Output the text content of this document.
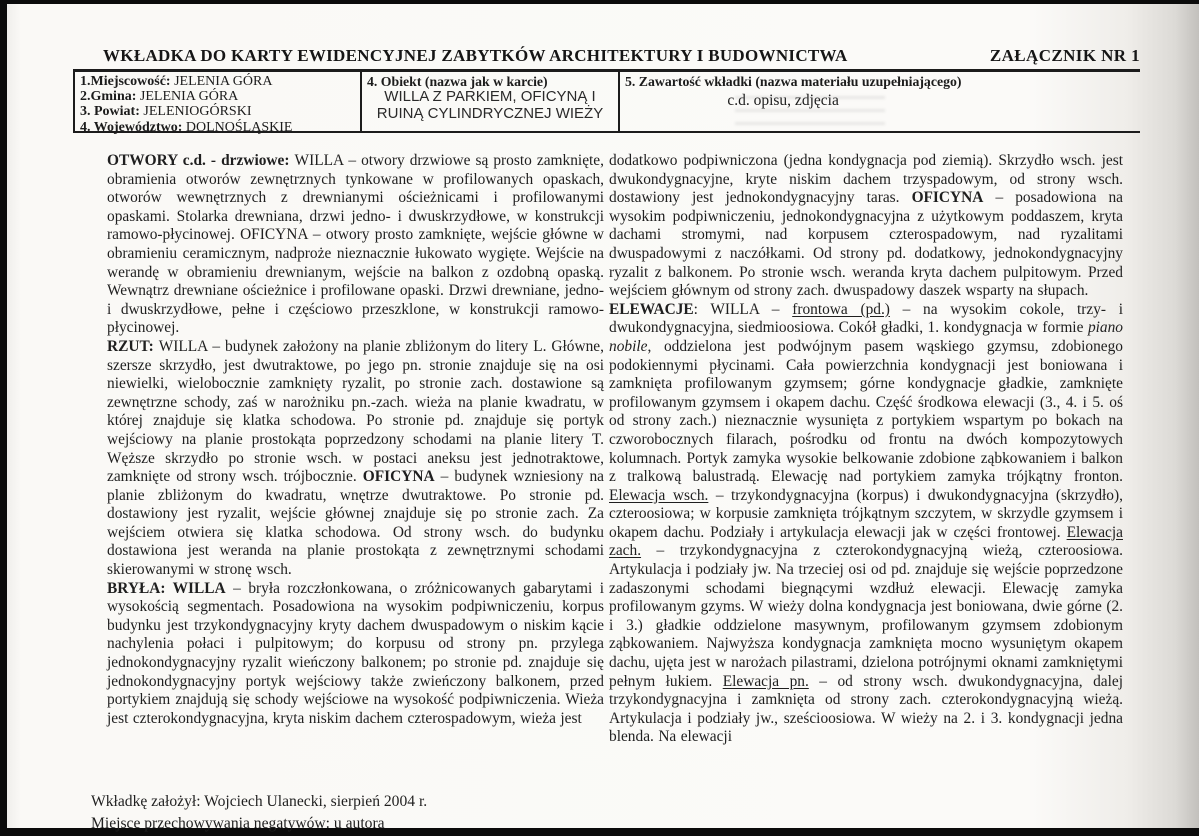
WKŁADKA DO KARTY EWIDENCYJNEJ ZABYTKÓW ARCHITEKTURY I BUDOWNICTWA	ZAŁĄCZNIK NR 1
1.Miejscowość: JELENIA GÓRA
2.Gmina: JELENIA GÓRA
3. Powiat: JELENIOGÓRSKI
4. Województwo: DOLNOŚLĄSKIE
4. Obiekt (nazwa jak w karcie)
WILLA Z PARKIEM, OFICYNĄ I
RUINĄ CYLINDRYCZNEJ WIEŻY
5. Zawartość wkładki (nazwa materiału uzupełniającego)
c.d. opisu, zdjęcia

OTWORY c.d. - drzwiowe: WILLA – otwory drzwiowe są prosto zamknięte, obramienia otworów zewnętrznych tynkowane w profilowanych opaskach, otworów wewnętrznych z drewnianymi ościeżnicami i profilowanymi opaskami. Stolarka drewniana, drzwi jedno- i dwuskrzydłowe, w konstrukcji ramowo-płycinowej. OFICYNA – otwory prosto zamknięte, wejście główne w obramieniu ceramicznym, nadproże nieznacznie łukowato wygięte. Wejście na werandę w obramieniu drewnianym, wejście na balkon z ozdobną opaską. Wewnątrz drewniane ościeżnice i profilowane opaski. Drzwi drewniane, jedno- i dwuskrzydłowe, pełne i częściowo przeszklone, w konstrukcji ramowo-płycinowej.

RZUT: WILLA – budynek założony na planie zbliżonym do litery L. Główne, szersze skrzydło, jest dwutraktowe, po jego pn. stronie znajduje się na osi niewielki, wielobocznie zamknięty ryzalit, po stronie zach. dostawione są zewnętrzne schody, zaś w narożniku pn.-zach. wieża na planie kwadratu, w której znajduje się klatka schodowa. Po stronie pd. znajduje się portyk wejściowy na planie prostokąta poprzedzony schodami na planie litery T. Węższe skrzydło po stronie wsch. w postaci aneksu jest jednotraktowe, zamknięte od strony wsch. trójbocznie. OFICYNA – budynek wzniesiony na planie zbliżonym do kwadratu, wnętrze dwutraktowe. Po stronie pd. dostawiony jest ryzalit, wejście głównej znajduje się po stronie zach. Za wejściem otwiera się klatka schodowa. Od strony wsch. do budynku dostawiona jest weranda na planie prostokąta z zewnętrznymi schodami skierowanymi w stronę wsch.

BRYŁA: WILLA – bryła rozczłonkowana, o zróżnicowanych gabarytami i wysokością segmentach. Posadowiona na wysokim podpiwniczeniu, korpus budynku jest trzykondygnacyjny kryty dachem dwuspadowym o niskim kącie nachylenia połaci i pulpitowym; do korpusu od strony pn. przylega jednokondygnacyjny ryzalit wieńczony balkonem; po stronie pd. znajduje się jednokondygnacyjny portyk wejściowy także zwieńczony balkonem, przed portykiem znajdują się schody wejściowe na wysokość podpiwniczenia. Wieża jest czterokondygnacyjna, kryta niskim dachem czterospadowym, wieża jest

dodatkowo podpiwniczona (jedna kondygnacja pod ziemią). Skrzydło wsch. jest dwukondygnacyjne, kryte niskim dachem trzyspadowym, od strony wsch. dostawiony jest jednokondygnacyjny taras. OFICYNA – posadowiona na wysokim podpiwniczeniu, jednokondygnacyjna z użytkowym poddaszem, kryta dachami stromymi, nad korpusem czterospadowym, nad ryzalitami dwuspadowymi z naczółkami. Od strony pd. dodatkowy, jednokondygnacyjny ryzalit z balkonem. Po stronie wsch. weranda kryta dachem pulpitowym. Przed wejściem głównym od strony zach. dwuspadowy daszek wsparty na słupach.

ELEWACJE: WILLA – frontowa (pd.) – na wysokim cokole, trzy- i dwukondygnacyjna, siedmioosiowa. Cokół gładki, 1. kondygnacja w formie piano nobile, oddzielona jest podwójnym pasem wąskiego gzymsu, zdobionego podokiennymi płycinami. Cała powierzchnia kondygnacji jest boniowana i zamknięta profilowanym gzymsem; górne kondygnacje gładkie, zamknięte profilowanym gzymsem i okapem dachu. Część środkowa elewacji (3., 4. i 5. oś od strony zach.) nieznacznie wysunięta z portykiem wspartym po bokach na czworobocznych filarach, pośrodku od frontu na dwóch kompozytowych kolumnach. Portyk zamyka wysokie belkowanie zdobione ząbkowaniem i balkon z tralkową balustradą. Elewację nad portykiem zamyka trójkątny fronton. Elewacja wsch. – trzykondygnacyjna (korpus) i dwukondygnacyjna (skrzydło), czteroosiowa; w korpusie zamknięta trójkątnym szczytem, w skrzydle gzymsem i okapem dachu. Podziały i artykulacja elewacji jak w części frontowej. Elewacja zach. – trzykondygnacyjna z czterokondygnacyjną wieżą, czteroosiowa. Artykulacja i podziały jw. Na trzeciej osi od pd. znajduje się wejście poprzedzone zadaszonymi schodami biegnącymi wzdłuż elewacji. Elewację zamyka profilowanym gzyms. W wieży dolna kondygnacja jest boniowana, dwie górne (2. i 3.) gładkie oddzielone masywnym, profilowanym gzymsem zdobionym ząbkowaniem. Najwyższa kondygnacja zamknięta mocno wysuniętym okapem dachu, ujęta jest w narożach pilastrami, dzielona potrójnymi oknami zamkniętymi pełnym łukiem. Elewacja pn. – od strony wsch. dwukondygnacyjna, dalej trzykondygnacyjna i zamknięta od strony zach. czterokondygnacyjną wieżą. Artykulacja i podziały jw., sześcioosiowa. W wieży na 2. i 3. kondygnacji jedna blenda. Na elewacji

Wkładkę założył: Wojciech Ulanecki, sierpień 2004 r.
Miejsce przechowywania negatywów: u autora
